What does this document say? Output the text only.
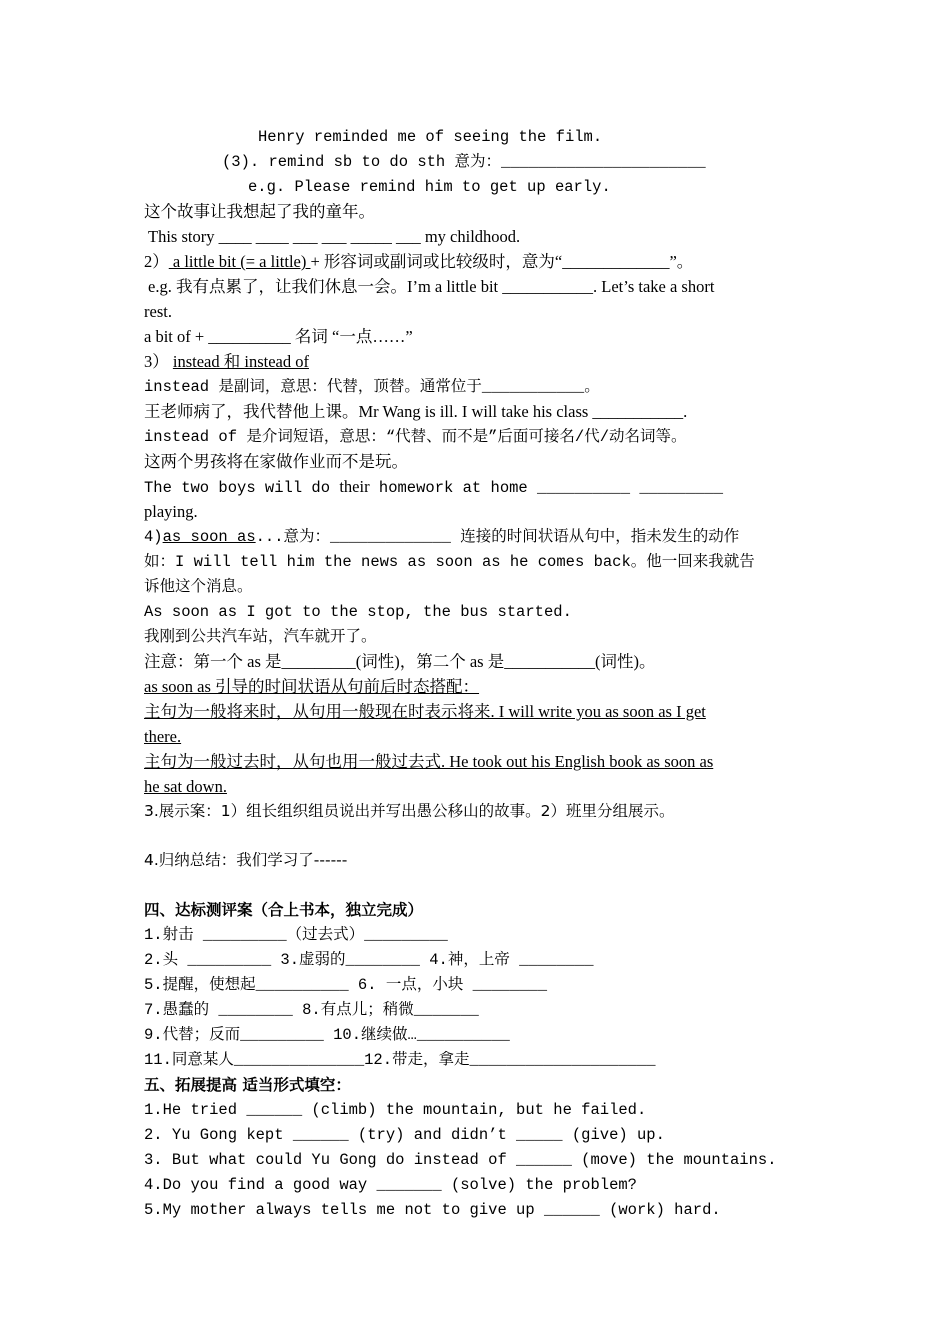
Henry reminded me of seeing the film.
(3). remind sb to do sth 意为：______________________
e.g. Please remind him to get up early.
这个故事让我想起了我的童年。
This story ____ ____ ___ ___ _____ ___ my childhood.
2） a little bit (= a little) + 形容词或副词或比较级时，意为“_____________”。
e.g. 我有点累了，让我们休息一会。I’m a little bit ___________. Let’s take a short
rest.
a bit of + __________ 名词 “一点……”
3） instead 和 instead of
instead 是副词，意思：代替，顶替。通常位于___________。
王老师病了，我代替他上课。Mr Wang is ill. I will take his class ___________.
instead of 是介词短语，意思：“代替、而不是”后面可接名/代/动名词等。
这两个男孩将在家做作业而不是玩。
The two boys will do their homework at home __________ _________
playing.
4)as soon as...意为：_____________ 连接的时间状语从句中，指未发生的动作
如：I will tell him the news as soon as he comes back。他一回来我就告
诉他这个消息。
As soon as I got to the stop, the bus started.
我刚到公共汽车站，汽车就开了。
注意：第一个 as 是_________(词性)，第二个 as 是___________(词性)。
as soon as 引导的时间状语从句前后时态搭配：
主句为一般将来时，从句用一般现在时表示将来. I will write you as soon as I get
there.
主句为一般过去时，从句也用一般过去式. He took out his English book as soon as
he sat down.
3.展示案：1）组长组织组员说出并写出愚公移山的故事。2）班里分组展示。
4.归纳总结：我们学习了------
四、达标测评案（合上书本，独立完成）
1.射击 _________（过去式）_________
2.头 _________ 3.虚弱的________ 4.神，上帝 ________
5.提醒，使想起__________ 6. 一点，小块 ________
7.愚蠢的 ________ 8.有点儿；稍微_______
9.代替；反而_________ 10.继续做…__________
11.同意某人______________12.带走，拿走____________________
五、拓展提高 适当形式填空：
1.He tried ______ (climb) the mountain, but he failed.
2. Yu Gong kept ______ (try) and didn’t _____ (give) up.
3. But what could Yu Gong do instead of ______ (move) the mountains.
4.Do you find a good way _______ (solve) the problem?
5.My mother always tells me not to give up ______ (work) hard.
